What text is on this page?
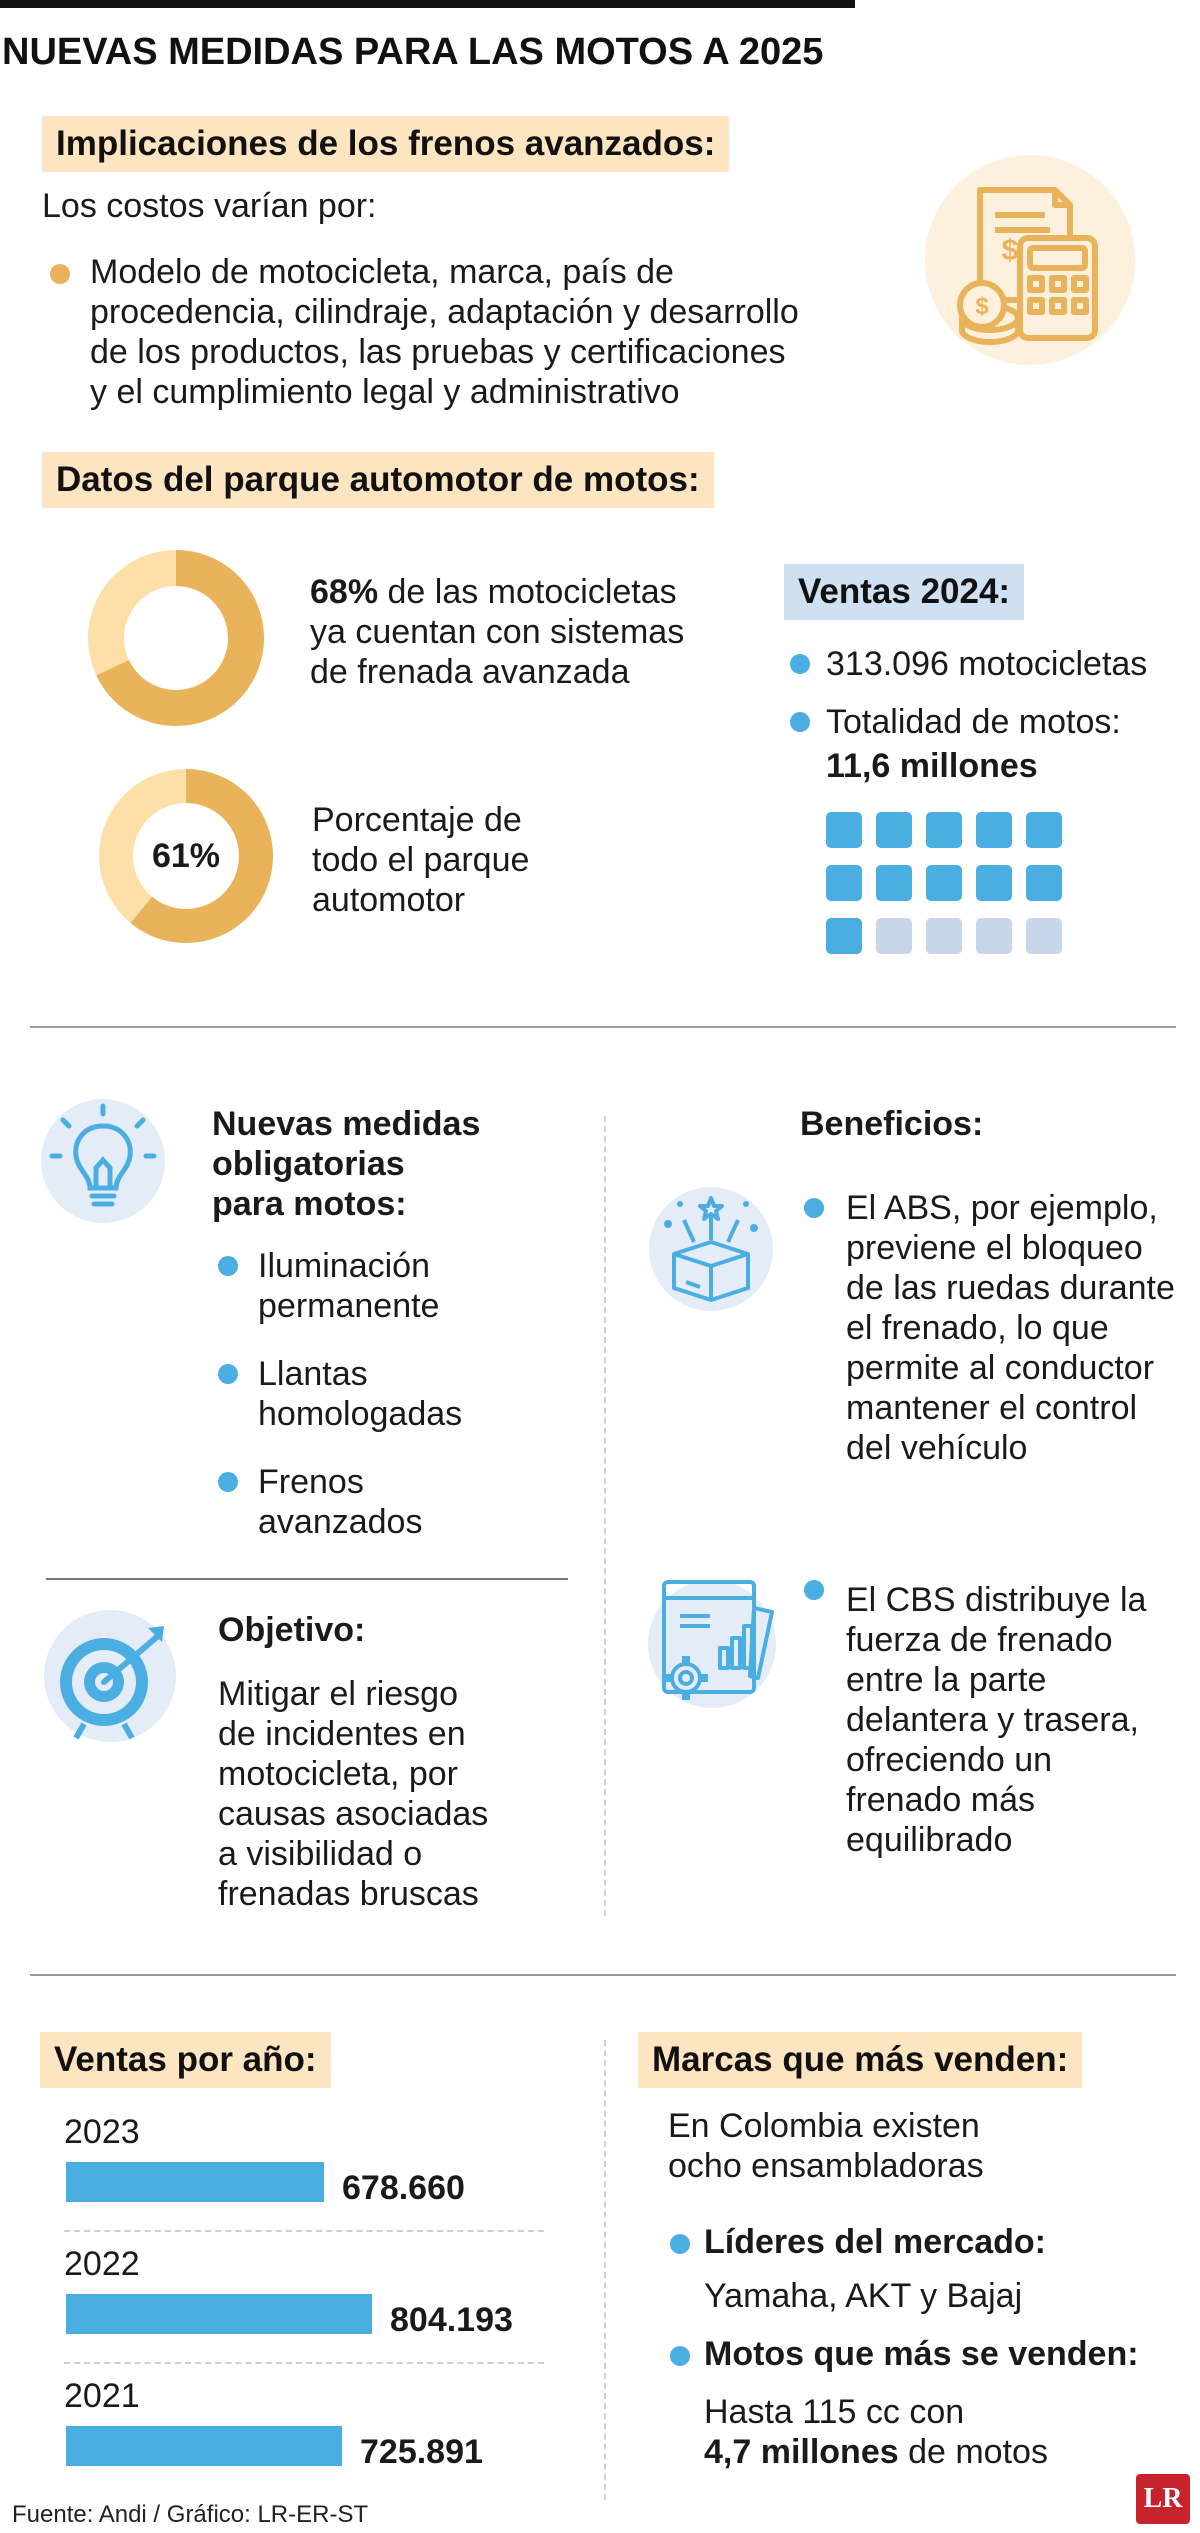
NUEVAS MEDIDAS PARA LAS MOTOS A 2025
Implicaciones de los frenos avanzados:
Los costos varían por:
Modelo de motocicleta, marca, país de
procedencia, cilindraje, adaptación y desarrollo
de los productos, las pruebas y certificaciones
y el cumplimiento legal y administrativo
$
$
Datos del parque automotor de motos:
68% de las motocicletas
ya cuentan con sistemas
de frenada avanzada
61%
Porcentaje de
todo el parque
automotor
Ventas 2024:
313.096 motocicletas
Totalidad de motos:
11,6 millones
Nuevas medidas
obligatorias
para motos:
Iluminación
permanente
Llantas
homologadas
Frenos
avanzados
Objetivo:
Mitigar el riesgo
de incidentes en
motocicleta, por
causas asociadas
a visibilidad o
frenadas bruscas
Beneficios:
El ABS, por ejemplo,
previene el bloqueo
de las ruedas durante
el frenado, lo que
permite al conductor
mantener el control
del vehículo
El CBS distribuye la
fuerza de frenado
entre la parte
delantera y trasera,
ofreciendo un
frenado más
equilibrado
Ventas por año:
2023
678.660
2022
804.193
2021
725.891
Marcas que más venden:
En Colombia existen
ocho ensambladoras
Líderes del mercado:
Yamaha, AKT y Bajaj
Motos que más se venden:
Hasta 115 cc con
4,7 millones de motos
Fuente: Andi / Gráfico: LR-ER-ST
LR
